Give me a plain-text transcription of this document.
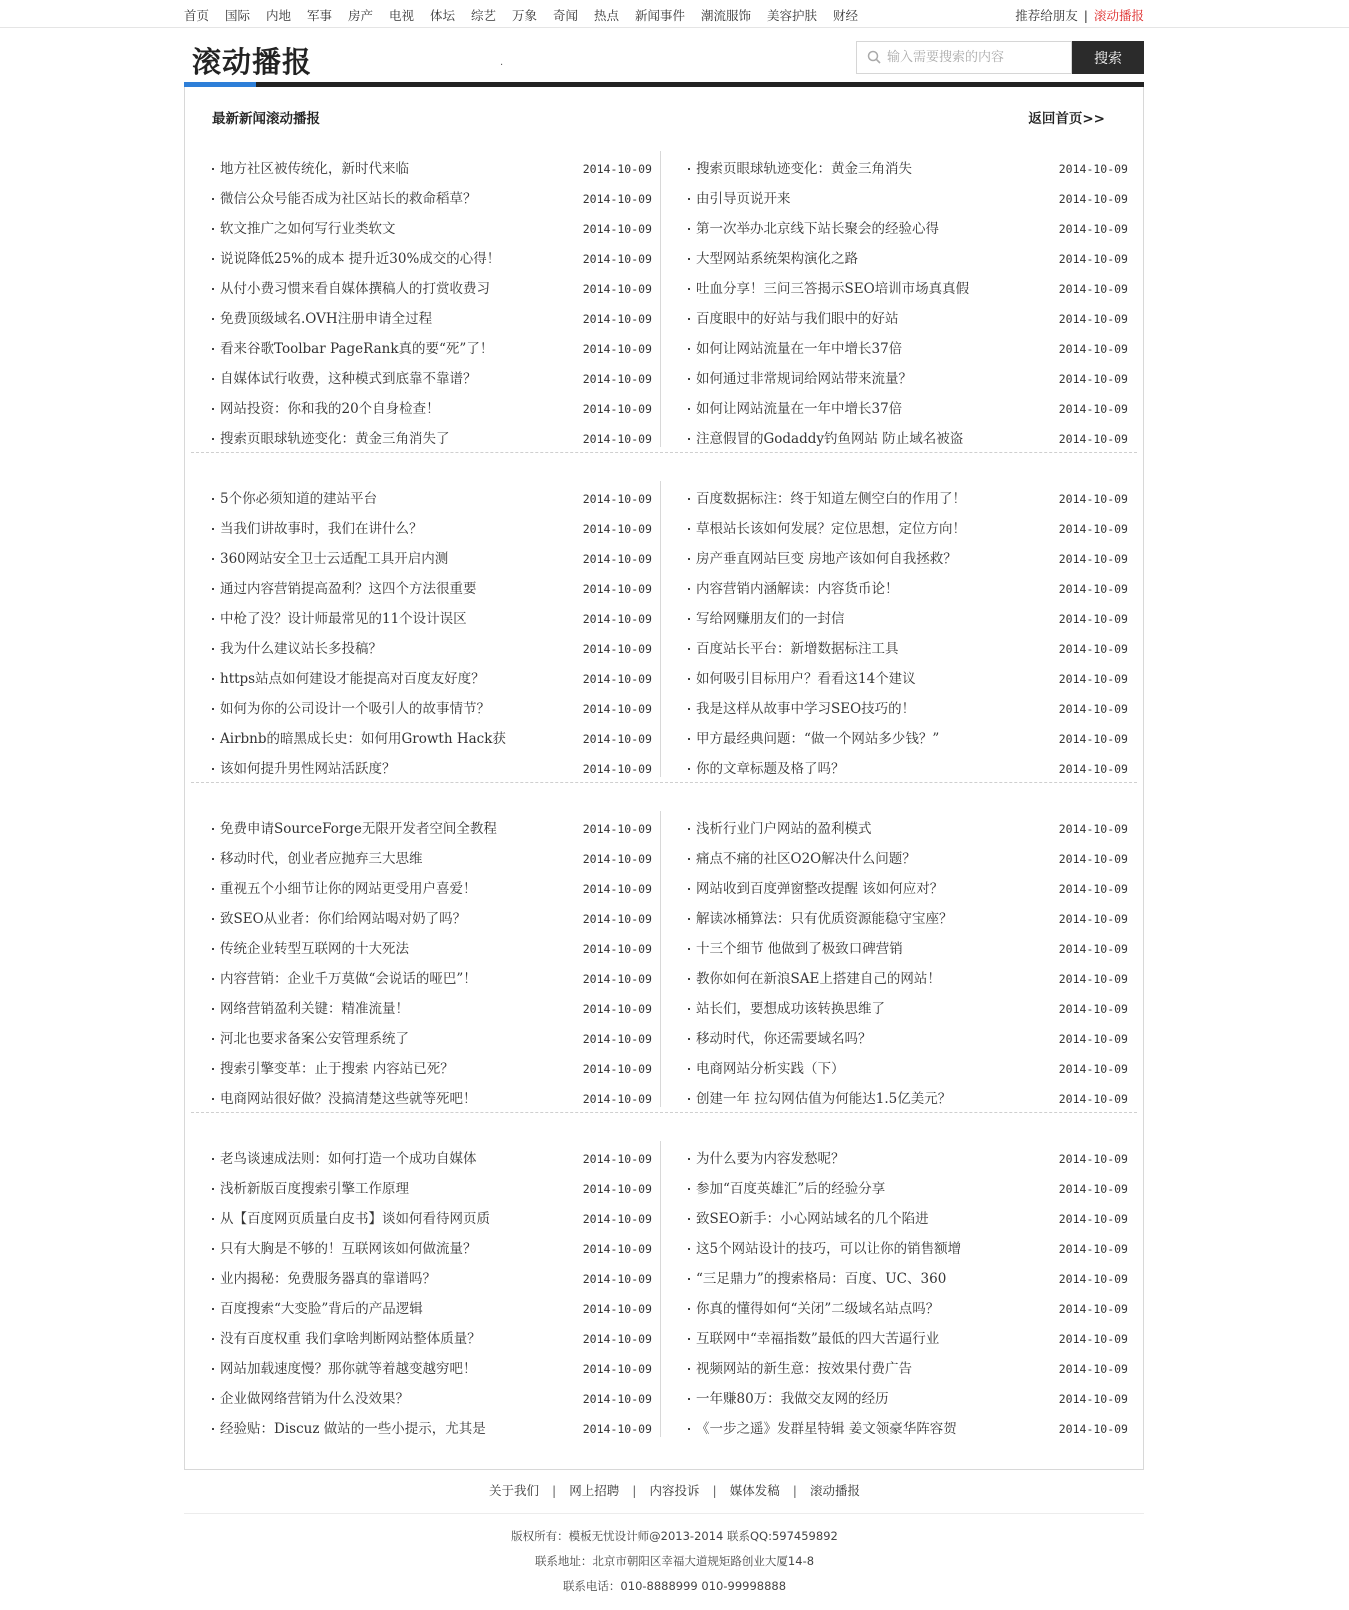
首页 国际 内地 军事 房产 电视 体坛 综艺 万象 奇闻 热点 新闻事件 潮流服饰 美容护肤 财经	推荐给朋友 | 滚动播报
滚动播报	·
输入需要搜索的内容	搜索
最新新闻滚动播报	返回首页>>
地方社区被传统化，新时代来临	2014-10-09
微信公众号能否成为社区站长的救命稻草？	2014-10-09
软文推广之如何写行业类软文	2014-10-09
说说降低25%的成本 提升近30%成交的心得！	2014-10-09
从付小费习惯来看自媒体撰稿人的打赏收费习	2014-10-09
免费顶级域名.OVH注册申请全过程	2014-10-09
看来谷歌Toolbar PageRank真的要“死”了！	2014-10-09
自媒体试行收费，这种模式到底靠不靠谱？	2014-10-09
网站投资：你和我的20个自身检查！	2014-10-09
搜索页眼球轨迹变化：黄金三角消失了	2014-10-09
搜索页眼球轨迹变化：黄金三角消失	2014-10-09
由引导页说开来	2014-10-09
第一次举办北京线下站长聚会的经验心得	2014-10-09
大型网站系统架构演化之路	2014-10-09
吐血分享！三问三答揭示SEO培训市场真真假	2014-10-09
百度眼中的好站与我们眼中的好站	2014-10-09
如何让网站流量在一年中增长37倍	2014-10-09
如何通过非常规词给网站带来流量？	2014-10-09
如何让网站流量在一年中增长37倍	2014-10-09
注意假冒的Godaddy钓鱼网站 防止域名被盗	2014-10-09
5个你必须知道的建站平台	2014-10-09
当我们讲故事时，我们在讲什么？	2014-10-09
360网站安全卫士云适配工具开启内测	2014-10-09
通过内容营销提高盈利？这四个方法很重要	2014-10-09
中枪了没？设计师最常见的11个设计误区	2014-10-09
我为什么建议站长多投稿？	2014-10-09
https站点如何建设才能提高对百度友好度？	2014-10-09
如何为你的公司设计一个吸引人的故事情节？	2014-10-09
Airbnb的暗黑成长史：如何用Growth Hack获	2014-10-09
该如何提升男性网站活跃度？	2014-10-09
百度数据标注：终于知道左侧空白的作用了！	2014-10-09
草根站长该如何发展？定位思想，定位方向！	2014-10-09
房产垂直网站巨变 房地产该如何自我拯救？	2014-10-09
内容营销内涵解读：内容货币论！	2014-10-09
写给网赚朋友们的一封信	2014-10-09
百度站长平台：新增数据标注工具	2014-10-09
如何吸引目标用户？看看这14个建议	2014-10-09
我是这样从故事中学习SEO技巧的！	2014-10-09
甲方最经典问题：“做一个网站多少钱？”	2014-10-09
你的文章标题及格了吗？	2014-10-09
免费申请SourceForge无限开发者空间全教程	2014-10-09
移动时代，创业者应抛弃三大思维	2014-10-09
重视五个小细节让你的网站更受用户喜爱！	2014-10-09
致SEO从业者：你们给网站喝对奶了吗？	2014-10-09
传统企业转型互联网的十大死法	2014-10-09
内容营销：企业千万莫做“会说话的哑巴”！	2014-10-09
网络营销盈利关键：精准流量！	2014-10-09
河北也要求备案公安管理系统了	2014-10-09
搜索引擎变革：止于搜索 内容站已死？	2014-10-09
电商网站很好做？没搞清楚这些就等死吧！	2014-10-09
浅析行业门户网站的盈利模式	2014-10-09
痛点不痛的社区O2O解决什么问题？	2014-10-09
网站收到百度弹窗整改提醒 该如何应对？	2014-10-09
解读冰桶算法：只有优质资源能稳守宝座？	2014-10-09
十三个细节 他做到了极致口碑营销	2014-10-09
教你如何在新浪SAE上搭建自己的网站！	2014-10-09
站长们，要想成功该转换思维了	2014-10-09
移动时代，你还需要域名吗？	2014-10-09
电商网站分析实践（下）	2014-10-09
创建一年 拉勾网估值为何能达1.5亿美元？	2014-10-09
老鸟谈速成法则：如何打造一个成功自媒体	2014-10-09
浅析新版百度搜索引擎工作原理	2014-10-09
从【百度网页质量白皮书】谈如何看待网页质	2014-10-09
只有大胸是不够的！互联网该如何做流量？	2014-10-09
业内揭秘：免费服务器真的靠谱吗？	2014-10-09
百度搜索“大变脸”背后的产品逻辑	2014-10-09
没有百度权重 我们拿啥判断网站整体质量？	2014-10-09
网站加载速度慢？那你就等着越变越穷吧！	2014-10-09
企业做网络营销为什么没效果？	2014-10-09
经验贴：Discuz 做站的一些小提示，尤其是	2014-10-09
为什么要为内容发愁呢？	2014-10-09
参加“百度英雄汇”后的经验分享	2014-10-09
致SEO新手：小心网站域名的几个陷进	2014-10-09
这5个网站设计的技巧，可以让你的销售额增	2014-10-09
“三足鼎力”的搜索格局：百度、UC、360	2014-10-09
你真的懂得如何“关闭”二级域名站点吗？	2014-10-09
互联网中“幸福指数”最低的四大苦逼行业	2014-10-09
视频网站的新生意：按效果付费广告	2014-10-09
一年赚80万：我做交友网的经历	2014-10-09
《一步之遥》发群星特辑 姜文领豪华阵容贺	2014-10-09
关于我们 | 网上招聘 | 内容投诉 | 媒体发稿 | 滚动播报
版权所有：模板无忧设计师@2013-2014 联系QQ:597459892
联系地址：北京市朝阳区幸福大道规矩路创业大厦14-8
联系电话：010-8888999 010-99998888
